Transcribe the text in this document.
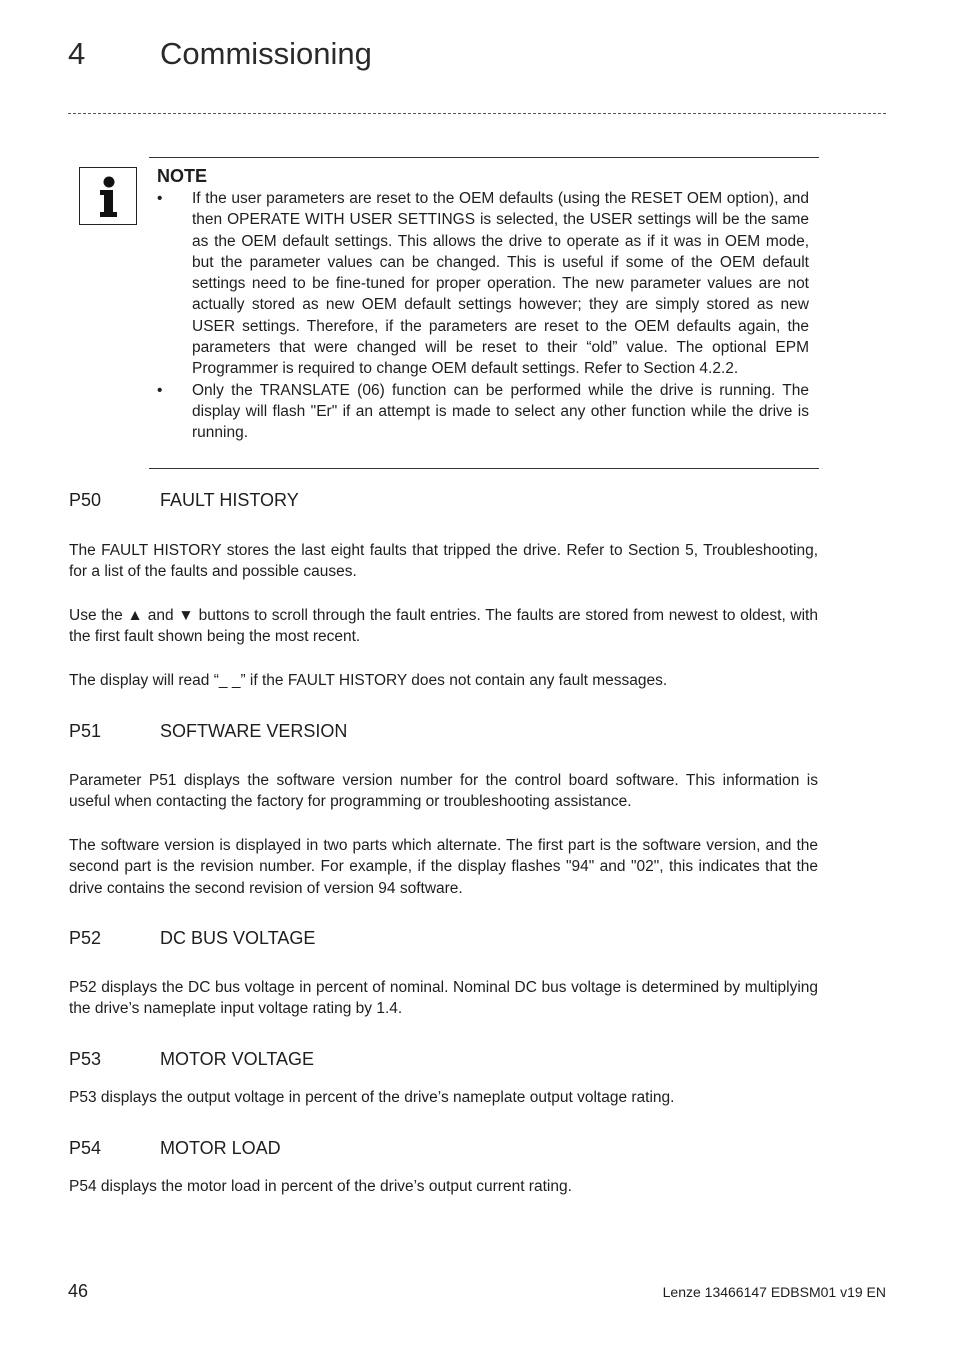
4 Commissioning
NOTE
• If the user parameters are reset to the OEM defaults (using the RESET OEM option), and then OPERATE WITH USER SETTINGS is selected, the USER settings will be the same as the OEM default settings. This allows the drive to operate as if it was in OEM mode, but the parameter values can be changed. This is useful if some of the OEM default settings need to be fine-tuned for proper operation. The new parameter values are not actually stored as new OEM default settings however; they are simply stored as new USER settings. Therefore, if the parameters are reset to the OEM defaults again, the parameters that were changed will be reset to their “old” value. The optional EPM Programmer is required to change OEM default settings. Refer to Section 4.2.2.
• Only the TRANSLATE (06) function can be performed while the drive is running. The display will flash "Er" if an attempt is made to select any other function while the drive is running.
P50	FAULT HISTORY

The FAULT HISTORY stores the last eight faults that tripped the drive. Refer to Section 5, Troubleshooting, for a list of the faults and possible causes.

Use the ▲ and ▼ buttons to scroll through the fault entries. The faults are stored from newest to oldest, with the first fault shown being the most recent.

The display will read “_ _” if the FAULT HISTORY does not contain any fault messages.

P51	SOFTWARE VERSION

Parameter P51 displays the software version number for the control board software. This information is useful when contacting the factory for programming or troubleshooting assistance.

The software version is displayed in two parts which alternate. The first part is the software version, and the second part is the revision number. For example, if the display flashes "94" and "02", this indicates that the drive contains the second revision of version 94 software.

P52	DC BUS VOLTAGE

P52 displays the DC bus voltage in percent of nominal. Nominal DC bus voltage is determined by multiplying the drive’s nameplate input voltage rating by 1.4.

P53	MOTOR VOLTAGE

P53 displays the output voltage in percent of the drive’s nameplate output voltage rating.

P54	MOTOR LOAD

P54 displays the motor load in percent of the drive’s output current rating.

46	Lenze 13466147 EDBSM01 v19 EN
